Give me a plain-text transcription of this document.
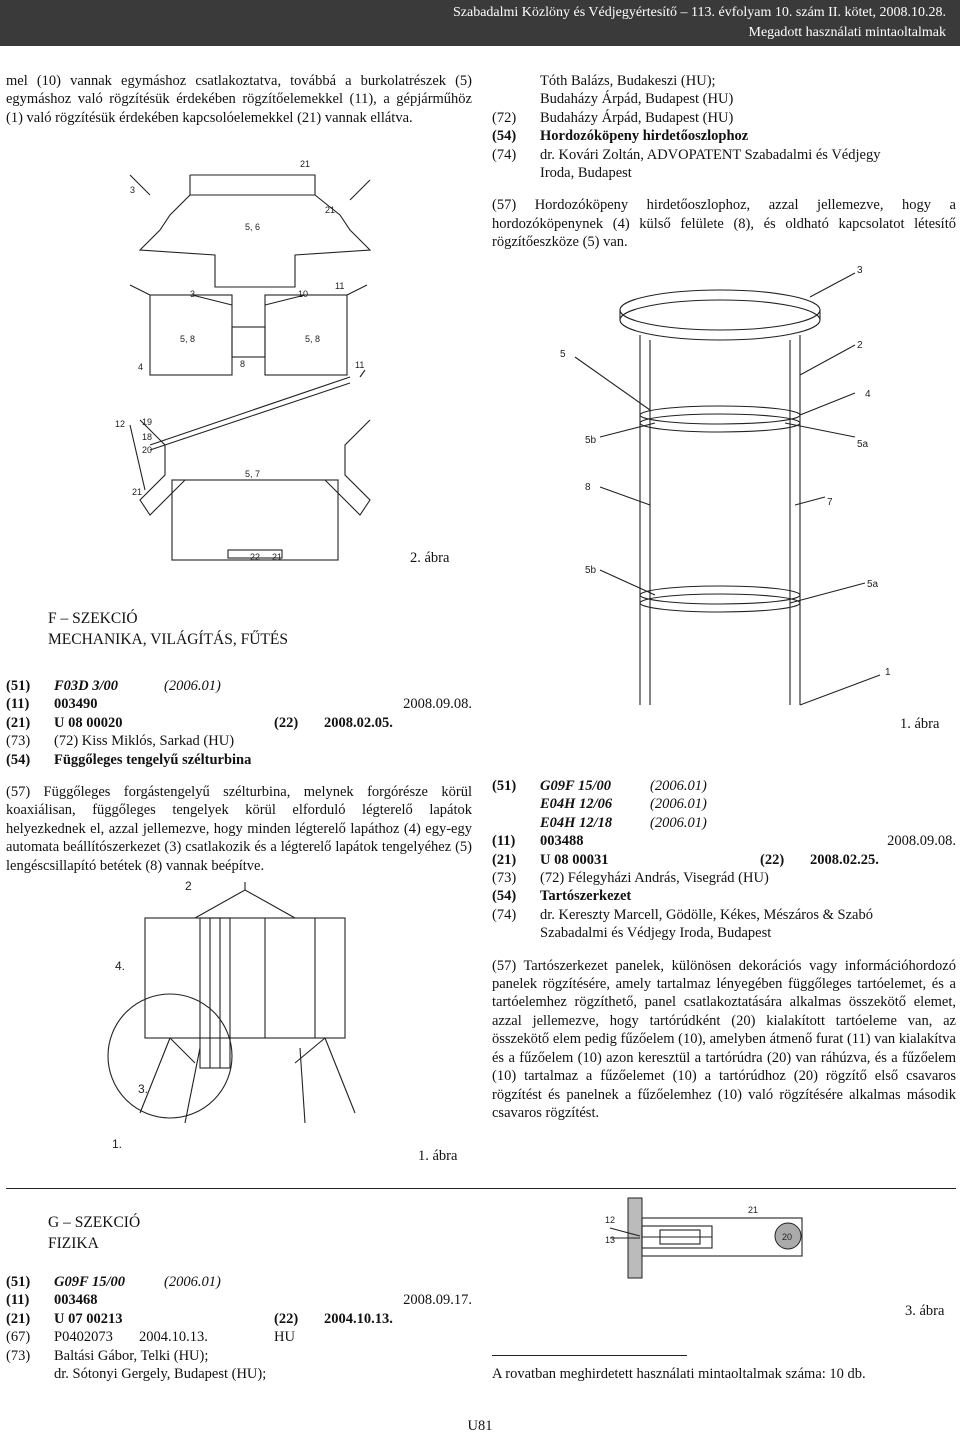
Szabadalmi Közlöny és Védjegyértesítő – 113. évfolyam 10. szám II. kötet, 2008.10.28.
Megadott használati mintaoltalmak
mel (10) vannak egymáshoz csatlakoztatva, továbbá a burkolatrészek (5) egymáshoz való rögzítésük érdekében rögzítőelemekkel (11), a gépjárműhöz (1) való rögzítésük érdekében kapcsolóelemekkel (21) vannak ellátva.
21
3
5, 6
21
3	10
11
5, 8	5, 8
8
4	11
12 19
18
20
21
5, 7
22 21	2. ábra
F – SZEKCIÓ
MECHANIKA, VILÁGÍTÁS, FŰTÉS
(51)	F03D 3/00	(2006.01)
(11)	003490	2008.09.08.
(21)	U 08 00020	(22)	2008.02.05.
(73)	(72) Kiss Miklós, Sarkad (HU)
(54)	Függőleges tengelyű szélturbina
(57) Függőleges forgástengelyű szélturbina, melynek forgórésze körül koaxiálisan, függőleges tengelyek körül elforduló légterelő lapátok helyezkednek el, azzal jellemezve, hogy minden légterelő lapáthoz (4) egy-egy automata beállítószerkezet (3) csatlakozik és a légterelő lapátok tengelyéhez (5) lengéscsillapító betétek (8) vannak beépítve.
2
4.
3.
1.
1. ábra
G – SZEKCIÓ
FIZIKA
(51)	G09F 15/00	(2006.01)
(11)	003468	2008.09.17.
(21)	U 07 00213	(22)	2004.10.13.
(67)	P0402073	2004.10.13.	HU
(73)	Baltási Gábor, Telki (HU);
dr. Sótonyi Gergely, Budapest (HU);
Tóth Balázs, Budakeszi (HU);
Budaházy Árpád, Budapest (HU)
(72)	Budaházy Árpád, Budapest (HU)
(54)	Hordozóköpeny hirdetőoszlophoz
(74)	dr. Kovári Zoltán, ADVOPATENT Szabadalmi és Védjegy
Iroda, Budapest
(57) Hordozóköpeny hirdetőoszlophoz, azzal jellemezve, hogy a hordozóköpenynek (4) külső felülete (8), és oldható kapcsolatot létesítő rögzítőeszköze (5) van.
3
2
5
4
5b	5a
8
7
5b
5a
1
1. ábra
(51)	G09F 15/00	(2006.01)
E04H 12/06	(2006.01)
E04H 12/18	(2006.01)
(11)	003488	2008.09.08.
(21)	U 08 00031	(22)	2008.02.25.
(73)	(72) Félegyházi András, Visegrád (HU)
(54)	Tartószerkezet
(74)	dr. Kereszty Marcell, Gödölle, Kékes, Mészáros & Szabó
Szabadalmi és Védjegy Iroda, Budapest
(57) Tartószerkezet panelek, különösen dekorációs vagy információhordozó panelek rögzítésére, amely tartalmaz lényegében függőleges tartóelemet, és a tartóelemhez rögzíthető, panel csatlakoztatására alkalmas összekötő elemet, azzal jellemezve, hogy tartórúdként (20) kialakított tartóeleme van, az összekötő elem pedig fűzőelem (10), amelyben átmenő furat (11) van kialakítva és a fűzőelem (10) azon keresztül a tartórúdra (20) van ráhúzva, és a fűzőelem (10) tartalmaz a fűzőelemet (10) a tartórúdhoz (20) rögzítő első csavaros rögzítést és panelnek a fűzőelemhez (10) való rögzítésére alkalmas második csavaros rögzítést.
12
13
21
20
3. ábra
A rovatban meghirdetett használati mintaoltalmak száma: 10 db.
U81
